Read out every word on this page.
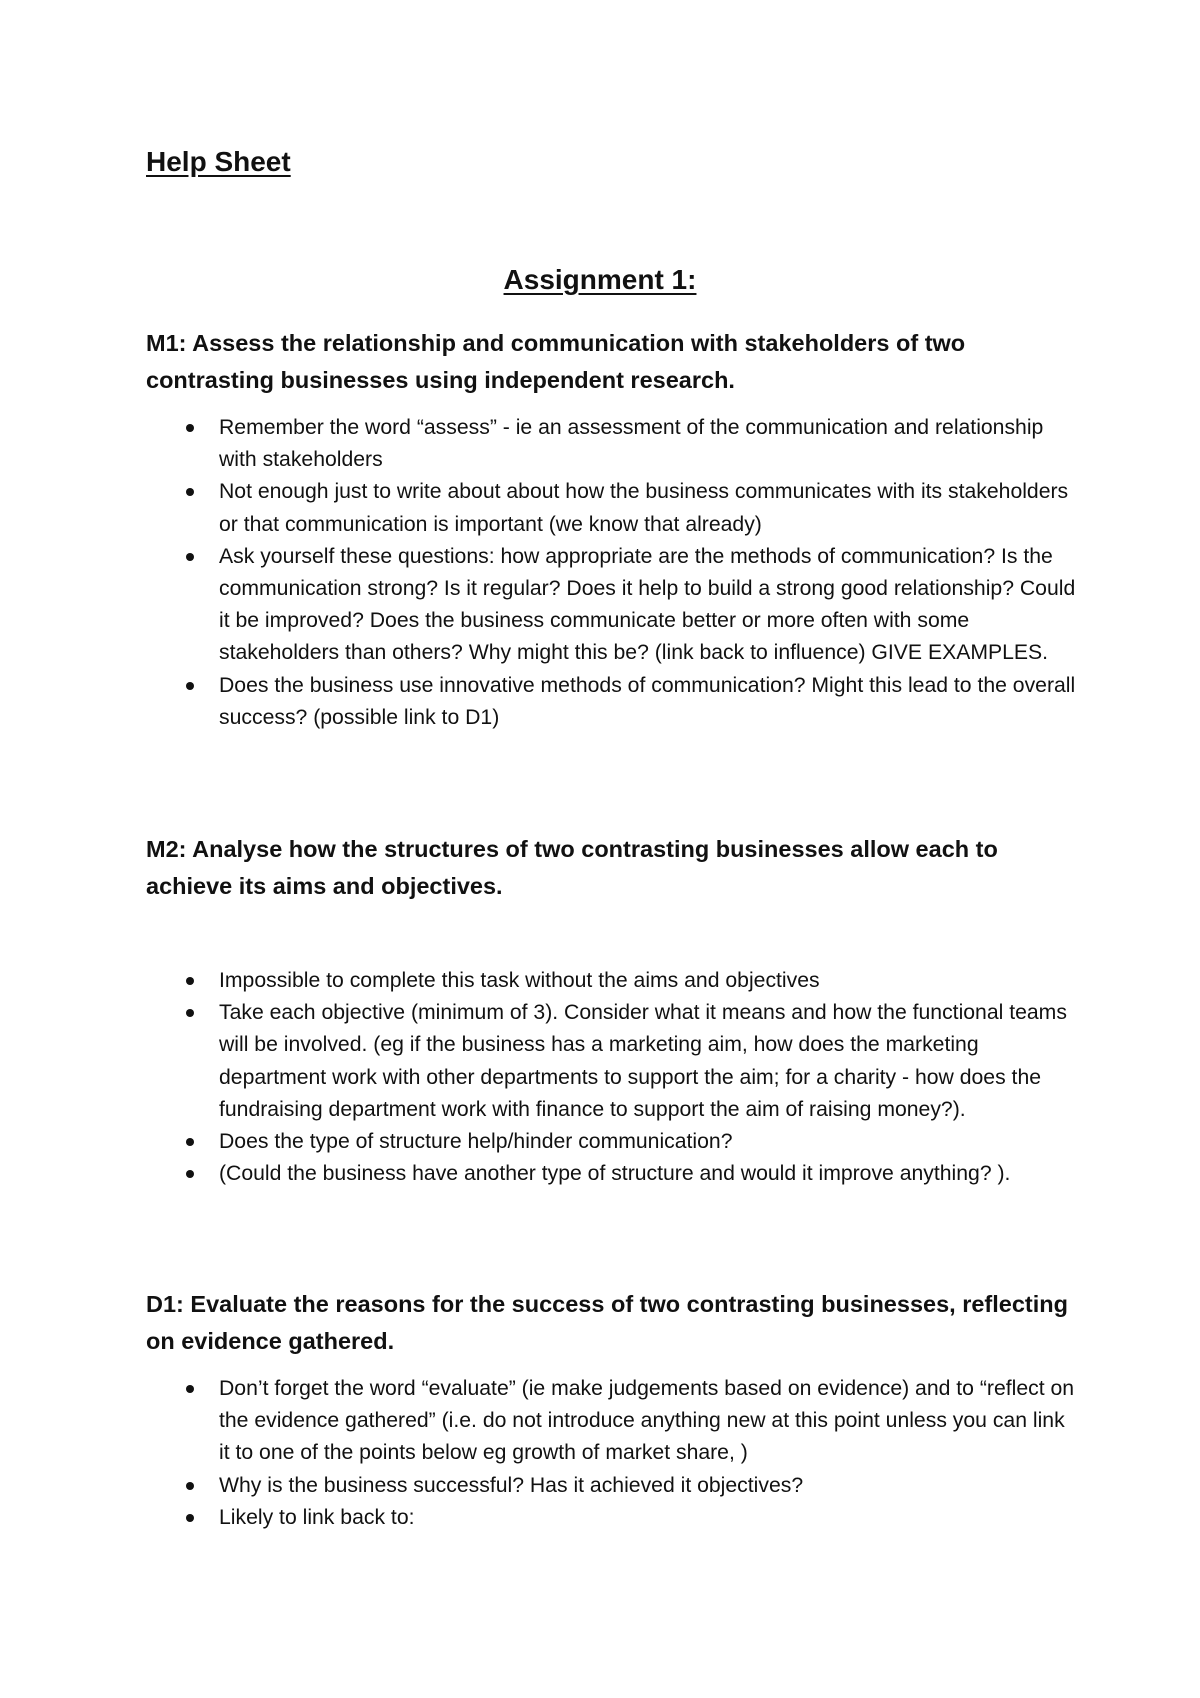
Help Sheet
Assignment 1:
M1: Assess the relationship and communication with stakeholders of two contrasting businesses using independent research.
Remember the word “assess” - ie an assessment of the communication and relationship with stakeholders
Not enough just to write about about how the business communicates with its stakeholders or that communication is important (we know that already)
Ask yourself these questions: how appropriate are the methods of communication? Is the communication strong? Is it regular? Does it help to build a strong good relationship? Could it be improved? Does the business communicate better or more often with some stakeholders than others? Why might this be? (link back to influence) GIVE EXAMPLES.
Does the business use innovative methods of communication? Might this lead to the overall success? (possible link to D1)
M2: Analyse how the structures of two contrasting businesses allow each to achieve its aims and objectives.
Impossible to complete this task without the aims and objectives
Take each objective (minimum of 3). Consider what it means and how the functional teams will be involved. (eg if the business has a marketing aim, how does the marketing department work with other departments to support the aim; for a charity - how does the fundraising department work with finance to support the aim of raising money?).
Does the type of structure help/hinder communication?
(Could the business have another type of structure and would it improve anything? ).
D1: Evaluate the reasons for the success of two contrasting businesses, reflecting on evidence gathered.
Don’t forget the word “evaluate” (ie make judgements based on evidence) and to “reflect on the evidence gathered” (i.e. do not introduce anything new at this point unless you can link it to one of the points below eg growth of market share, )
Why is the business successful? Has it achieved it objectives?
Likely to link back to:
